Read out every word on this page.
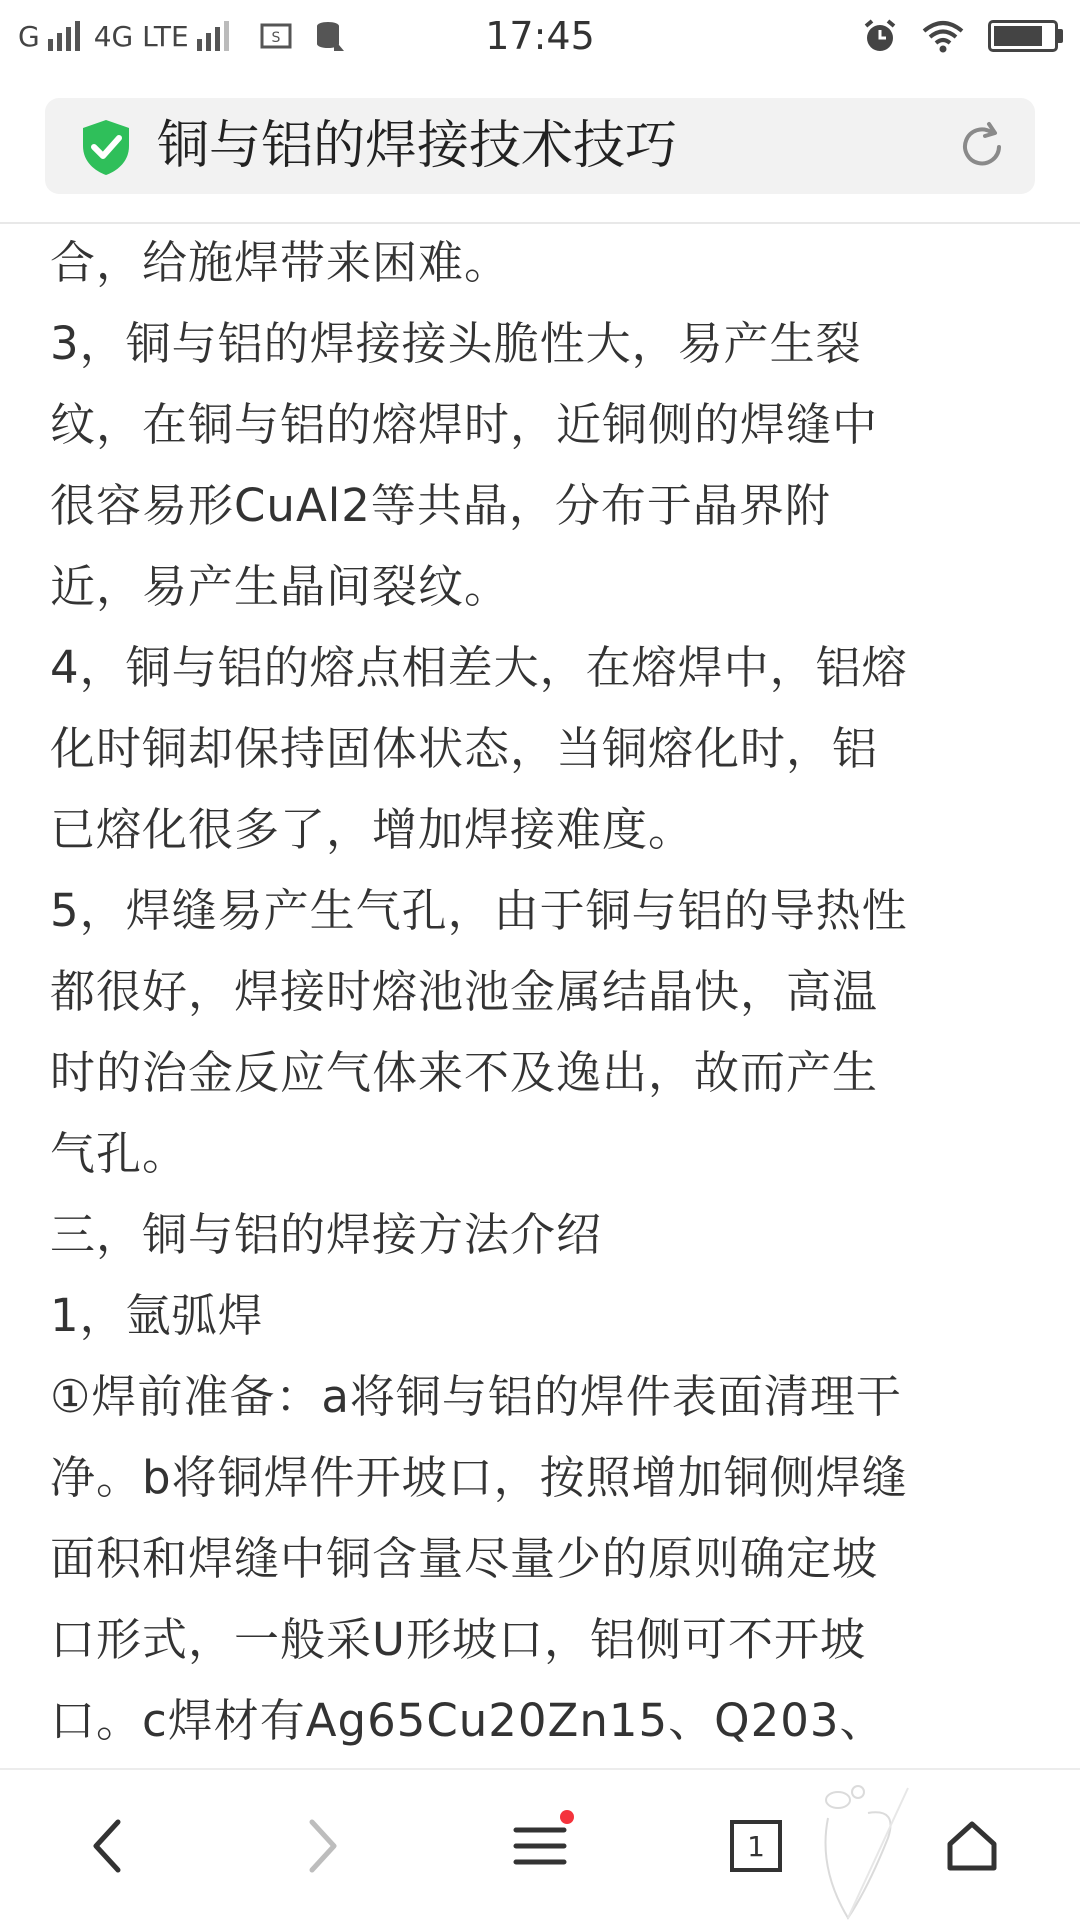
G 4G LTE	S	17:45
铜与铝的焊接技术技巧

合，给施焊带来困难。

3，铜与铝的焊接接头脆性大，易产生裂

纹，在铜与铝的熔焊时，近铜侧的焊缝中

很容易形CuAl2等共晶，分布于晶界附

近，易产生晶间裂纹。

4，铜与铝的熔点相差大，在熔焊中，铝熔

化时铜却保持固体状态，当铜熔化时，铝

已熔化很多了，增加焊接难度。

5，焊缝易产生气孔，由于铜与铝的导热性

都很好，焊接时熔池池金属结晶快，高温

时的治金反应气体来不及逸出，故而产生

气孔。

三，铜与铝的焊接方法介绍

1，氩弧焊

①焊前准备：a将铜与铝的焊件表面清理干

净。b将铜焊件开坡口，按照增加铜侧焊缝

面积和焊缝中铜含量尽量少的原则确定坡

口形式，一般采U形坡口，铝侧可不开坡

口。c焊材有Ag65Cu20Zn15、Q203、

1
